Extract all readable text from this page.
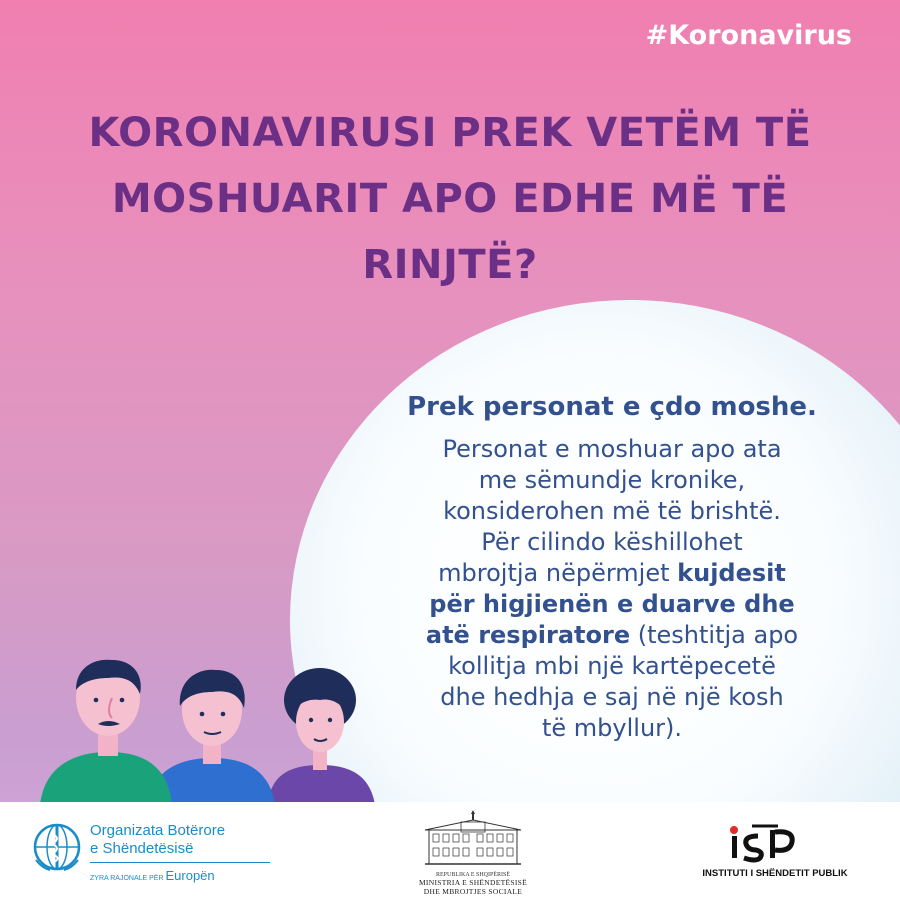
#Koronavirus
KORONAVIRUSI PREK VETËM TË
MOSHUARIT APO EDHE MË TË
RINJTË?
Prek personat e çdo moshe.
Personat e moshuar apo ata
me sëmundje kronike,
konsiderohen më të brishtë.
Për cilindo këshillohet
mbrojtja nëpërmjet kujdesit
për higjienën e duarve dhe
atë respiratore (teshtitja apo
kollitja mbi një kartëpecetë
dhe hedhja e saj në një kosh
të mbyllur).
Organizata Botërore
e Shëndetësisë
ZYRA RAJONALE PËR Europën	REPUBLIKA E SHQIPËRISË
MINISTRIA E SHËNDETËSISË
DHE MBROJTJES SOCIALE
INSTITUTI I SHËNDETIT PUBLIK
